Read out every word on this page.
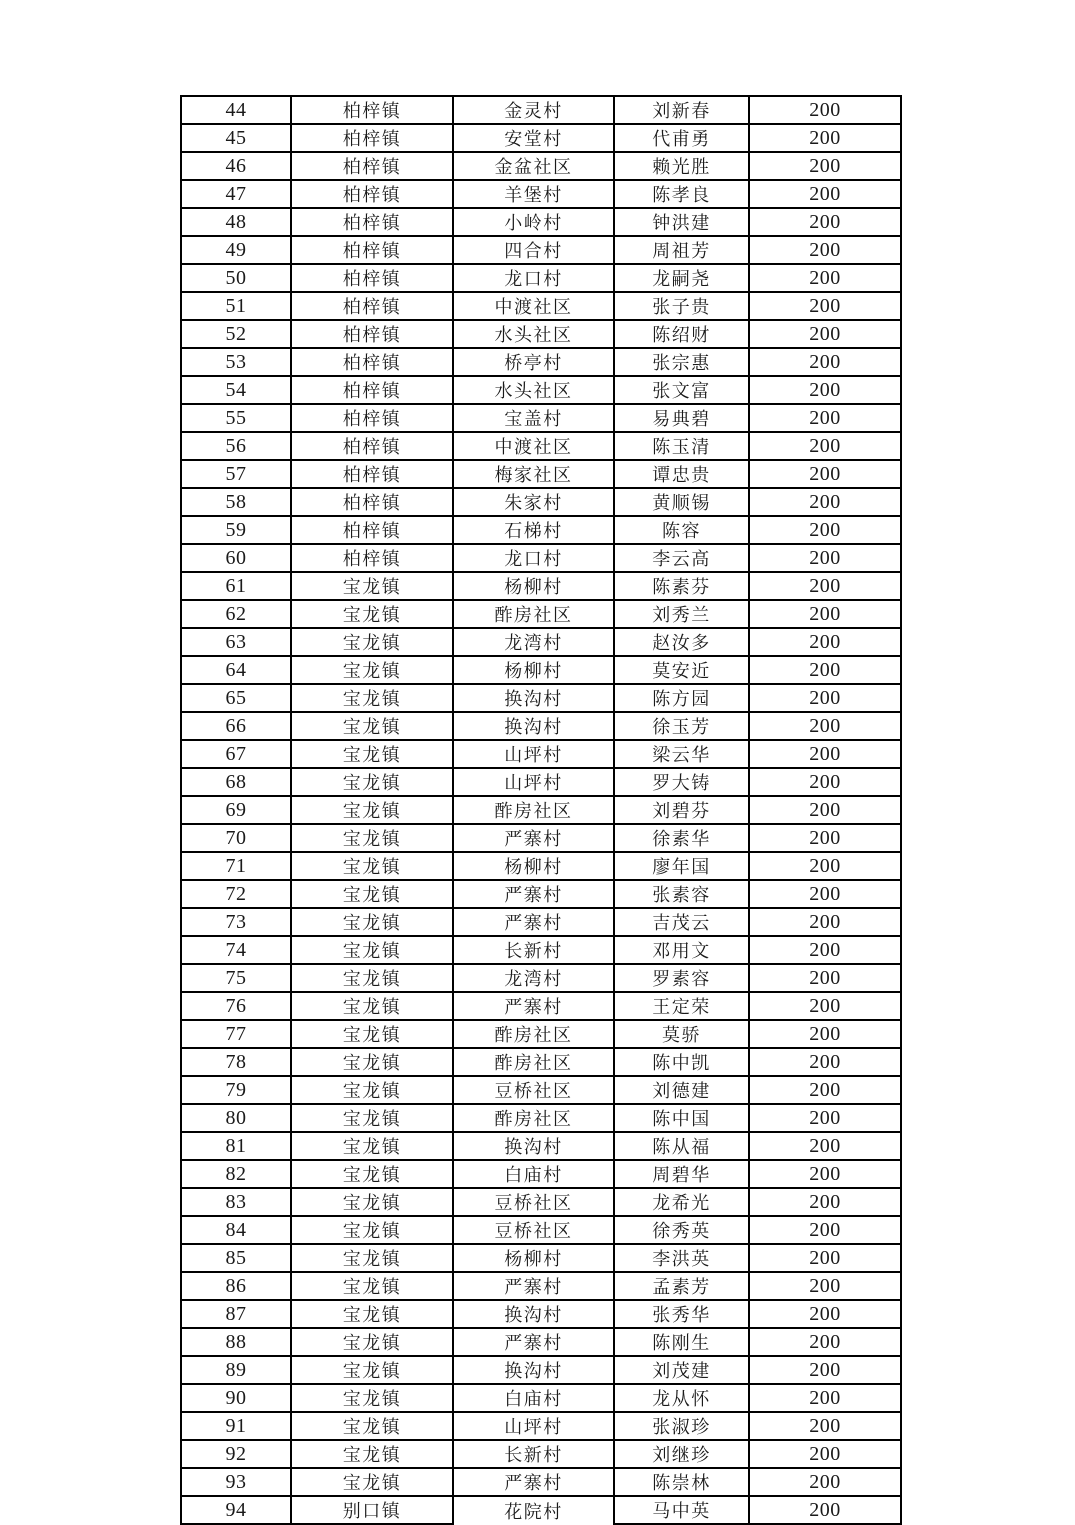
44	柏梓镇	金灵村	刘新春	200
45	柏梓镇	安堂村	代甫勇	200
46	柏梓镇	金盆社区	赖光胜	200
47	柏梓镇	羊堡村	陈孝良	200
48	柏梓镇	小岭村	钟洪建	200
49	柏梓镇	四合村	周祖芳	200
50	柏梓镇	龙口村	龙嗣尧	200
51	柏梓镇	中渡社区	张子贵	200
52	柏梓镇	水头社区	陈绍财	200
53	柏梓镇	桥亭村	张宗惠	200
54	柏梓镇	水头社区	张文富	200
55	柏梓镇	宝盖村	易典碧	200
56	柏梓镇	中渡社区	陈玉清	200
57	柏梓镇	梅家社区	谭忠贵	200
58	柏梓镇	朱家村	黄顺锡	200
59	柏梓镇	石梯村	陈容	200
60	柏梓镇	龙口村	李云高	200
61	宝龙镇	杨柳村	陈素芬	200
62	宝龙镇	酢房社区	刘秀兰	200
63	宝龙镇	龙湾村	赵汝多	200
64	宝龙镇	杨柳村	莫安近	200
65	宝龙镇	换沟村	陈方园	200
66	宝龙镇	换沟村	徐玉芳	200
67	宝龙镇	山坪村	梁云华	200
68	宝龙镇	山坪村	罗大铸	200
69	宝龙镇	酢房社区	刘碧芬	200
70	宝龙镇	严寨村	徐素华	200
71	宝龙镇	杨柳村	廖年国	200
72	宝龙镇	严寨村	张素容	200
73	宝龙镇	严寨村	吉茂云	200
74	宝龙镇	长新村	邓用文	200
75	宝龙镇	龙湾村	罗素容	200
76	宝龙镇	严寨村	王定荣	200
77	宝龙镇	酢房社区	莫骄	200
78	宝龙镇	酢房社区	陈中凯	200
79	宝龙镇	豆桥社区	刘德建	200
80	宝龙镇	酢房社区	陈中国	200
81	宝龙镇	换沟村	陈从福	200
82	宝龙镇	白庙村	周碧华	200
83	宝龙镇	豆桥社区	龙希光	200
84	宝龙镇	豆桥社区	徐秀英	200
85	宝龙镇	杨柳村	李洪英	200
86	宝龙镇	严寨村	孟素芳	200
87	宝龙镇	换沟村	张秀华	200
88	宝龙镇	严寨村	陈刚生	200
89	宝龙镇	换沟村	刘茂建	200
90	宝龙镇	白庙村	龙从怀	200
91	宝龙镇	山坪村	张淑珍	200
92	宝龙镇	长新村	刘继珍	200
93	宝龙镇	严寨村	陈崇林	200
94	别口镇	花院村	马中英	200
